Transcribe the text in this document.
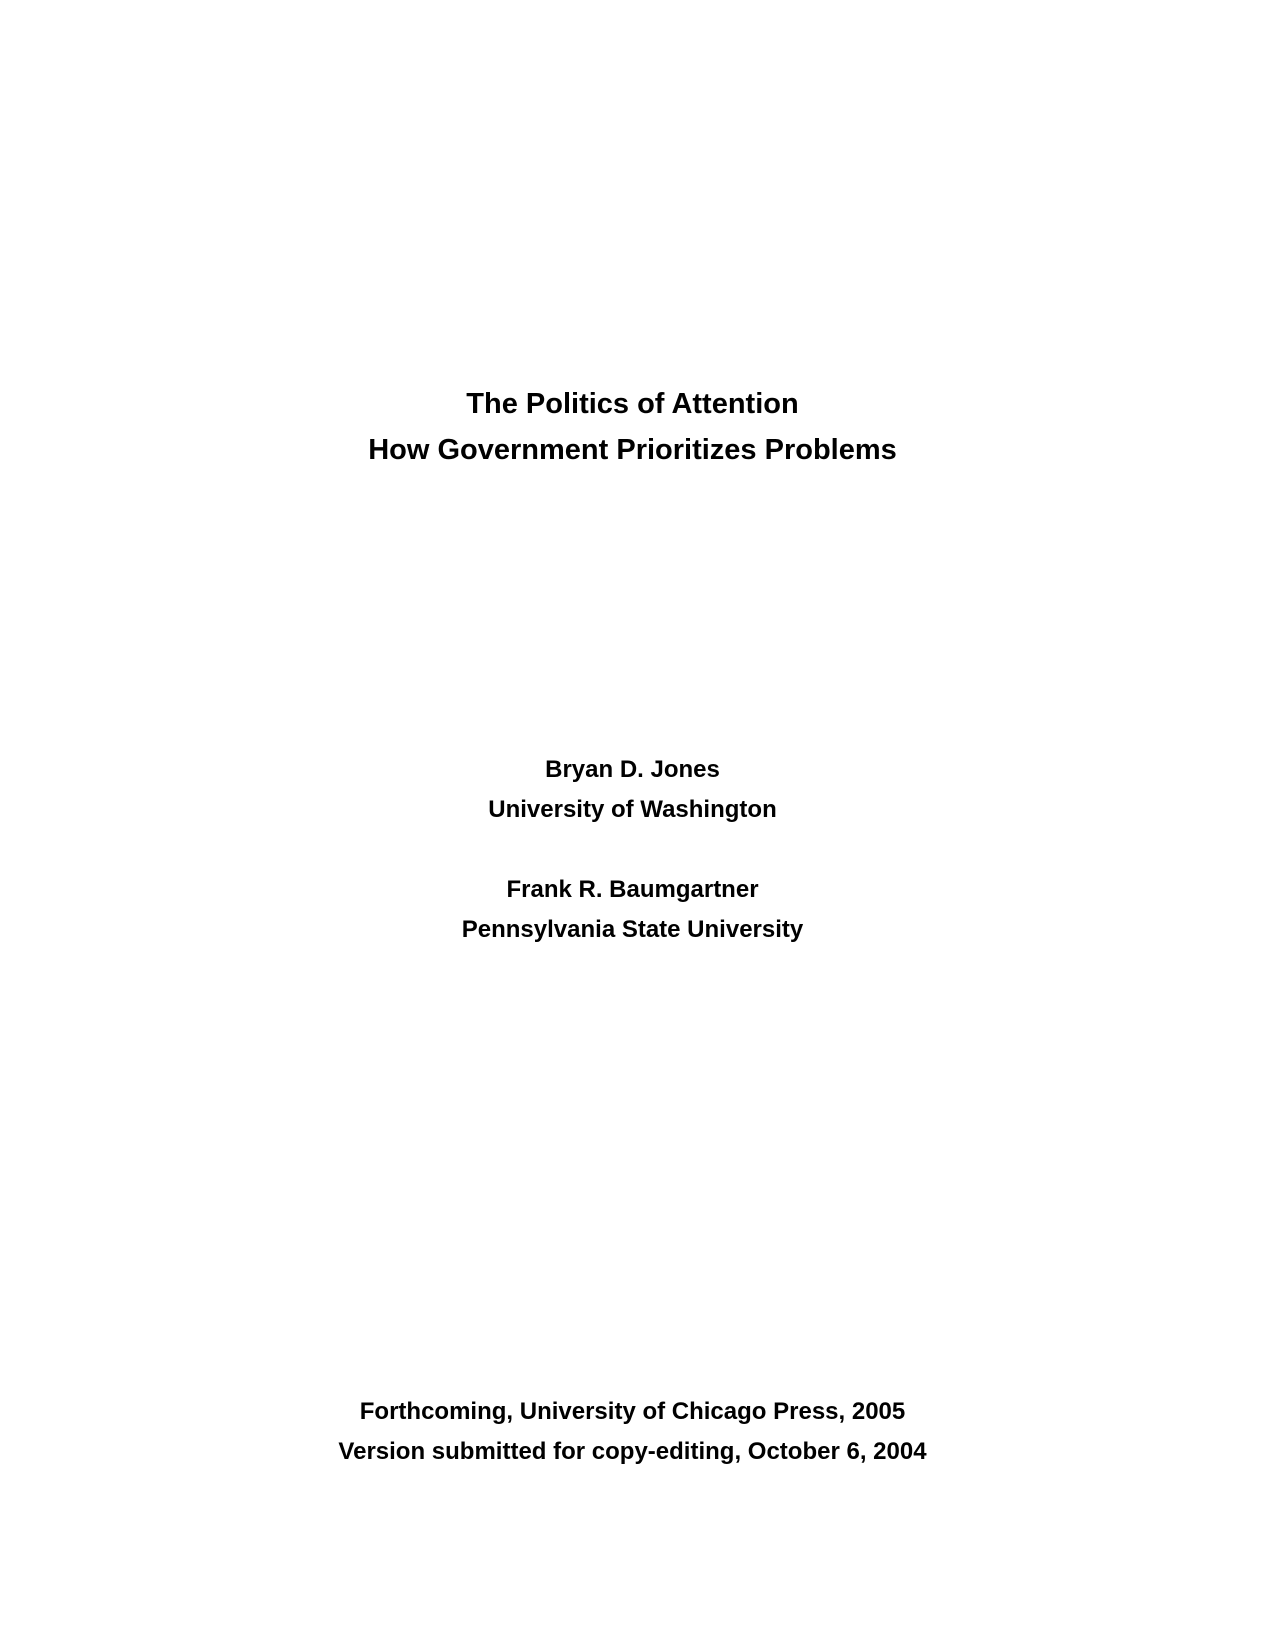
The Politics of Attention
How Government Prioritizes Problems
Bryan D. Jones
University of Washington
Frank R. Baumgartner
Pennsylvania State University
Forthcoming, University of Chicago Press, 2005
Version submitted for copy-editing, October 6, 2004
